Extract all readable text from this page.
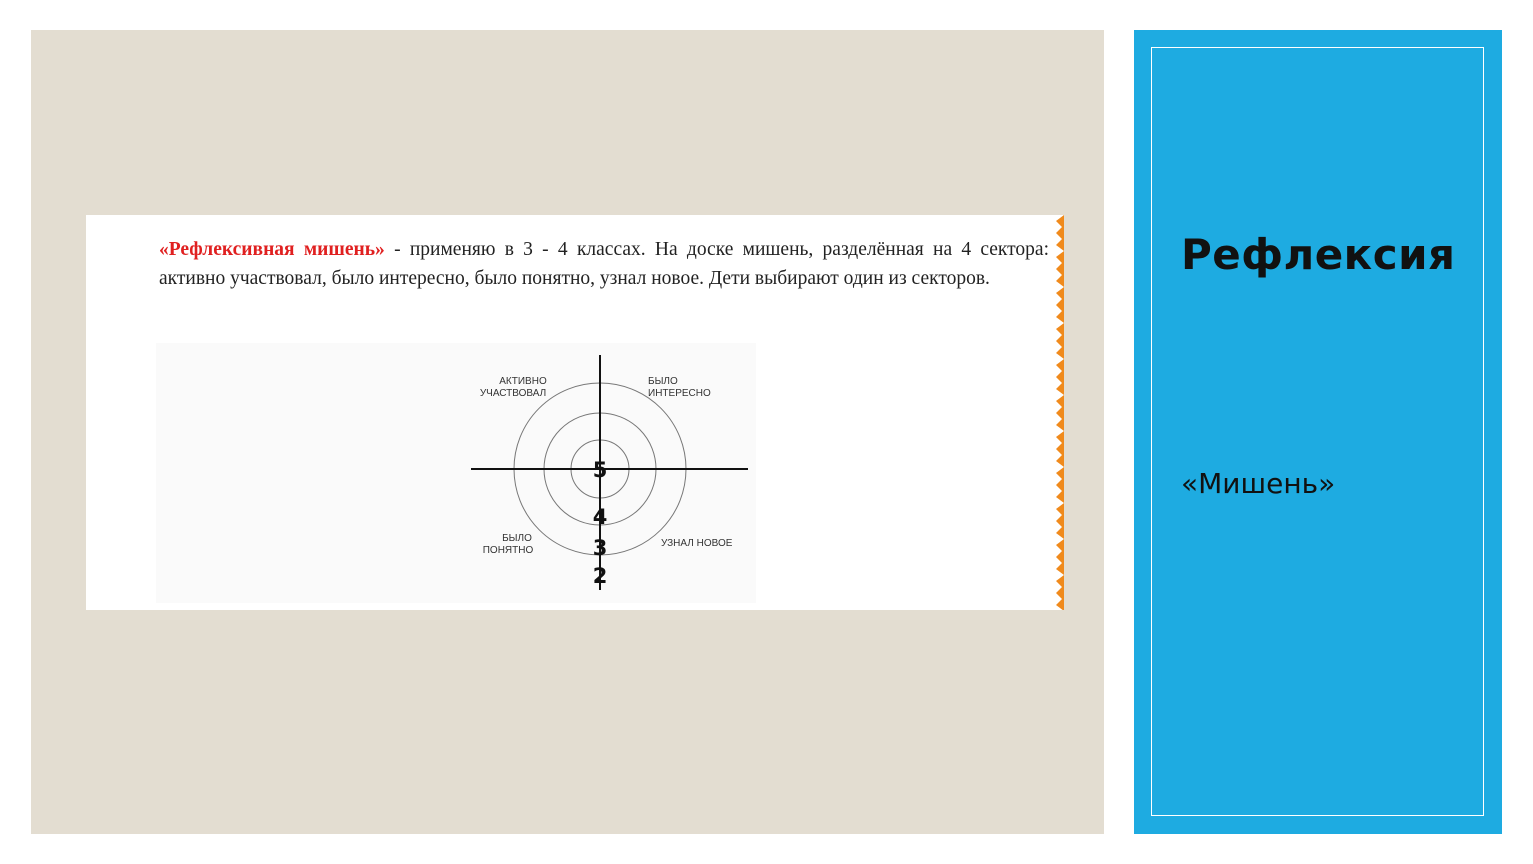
Рефлексия
«Мишень»
«Рефлексивная мишень» - применяю в 3 - 4 классах. На доске мишень, разделённая на 4 сектора: активно участвовал, было интересно, было понятно, узнал новое. Дети выбирают один из секторов.
АКТИВНО
УЧАСТВОВАЛ
БЫЛО
ИНТЕРЕСНО
БЫЛО
ПОНЯТНО
УЗНАЛ НОВОЕ
5
4
3
2
